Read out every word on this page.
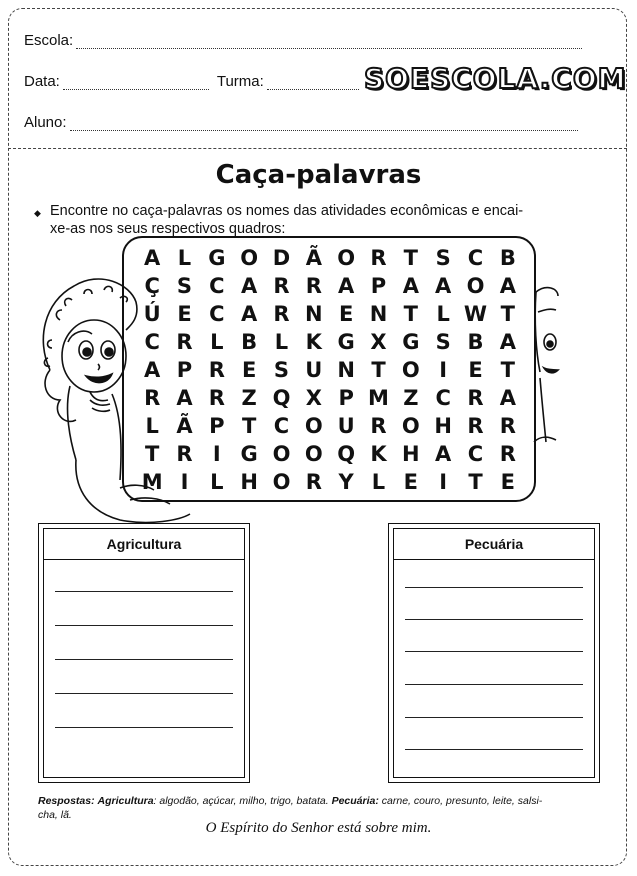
Escola:
Data:	Turma:	SOESCOLA.COM
Aluno:
Caça-palavras
◆ Encontre no caça-palavras os nomes das atividades econômicas e encai-

xe-as nos seus respectivos quadros:

A L G O D Ã O R T S C B
Ç S C A R R A P A A O A
Ú E C A R N E N T L W T
C R L B L K G X G S B A
A P R E S U N T O I	E T
R A R Z Q X P M Z C R A
L Ã P T C O U R O H R R
T R I G O O Q K H A C R
M I	L H O R Y L E	I	T E
Agricultura	Pecuária
Respostas: Agricultura: algodão, açúcar, milho, trigo, batata. Pecuária: carne, couro, presunto, leite, salsi-
cha, lã.
O Espírito do Senhor está sobre mim.
